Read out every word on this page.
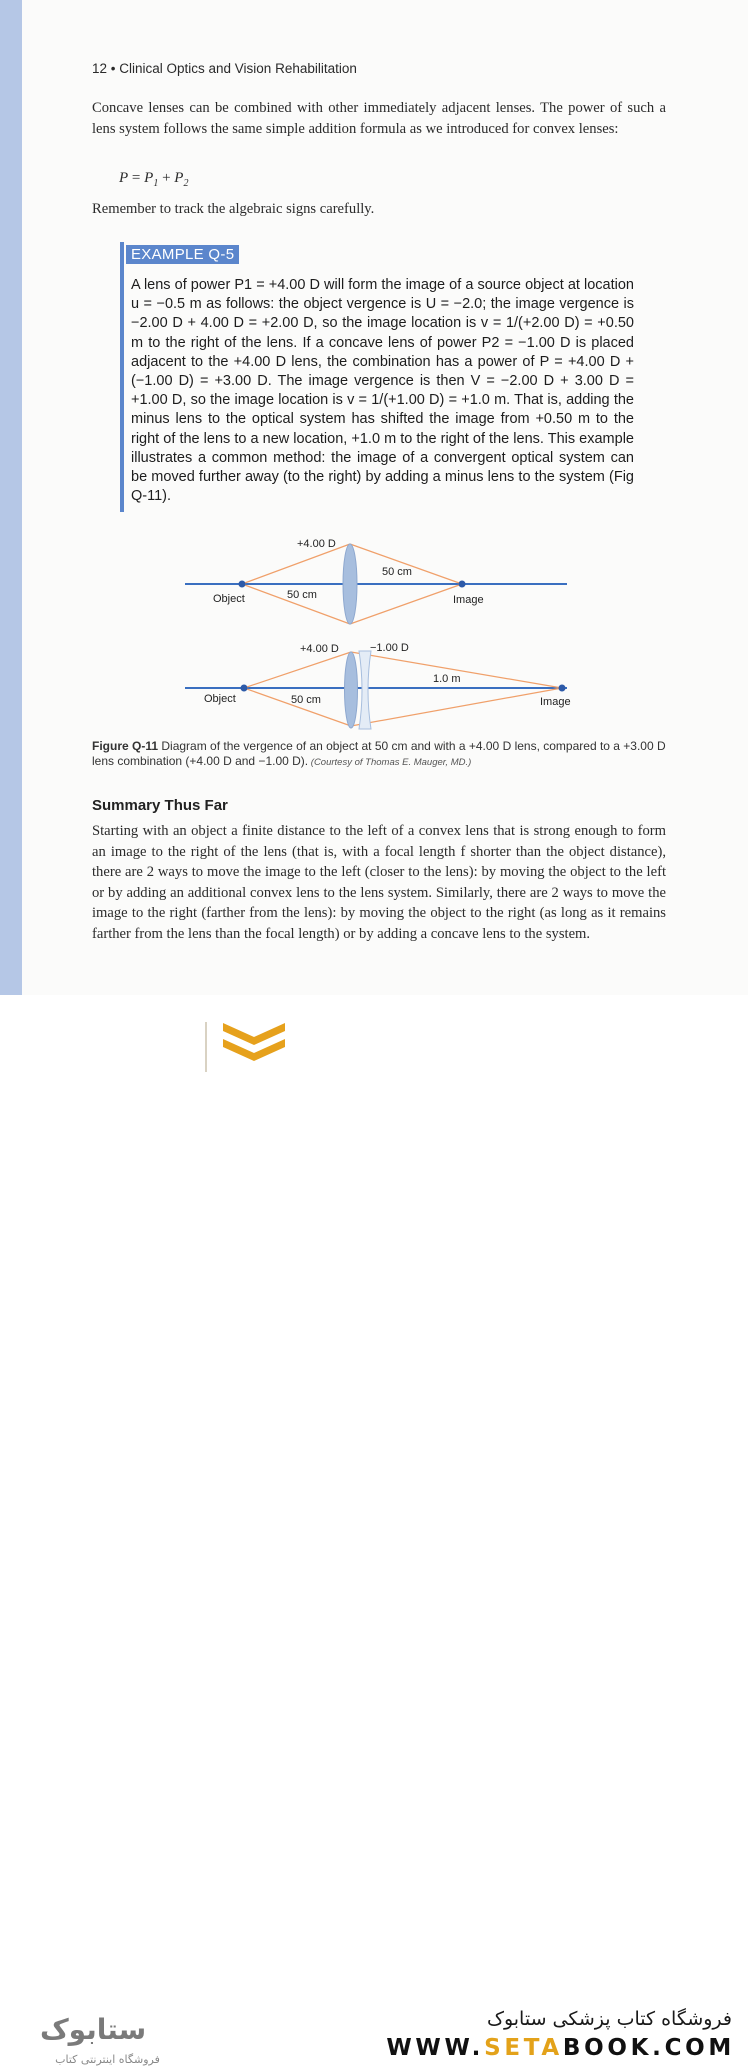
12 • Clinical Optics and Vision Rehabilitation
Concave lenses can be combined with other immediately adjacent lenses. The power of such a lens system follows the same simple addition formula as we introduced for convex lenses:
$P = P_1 + P_2$
Remember to track the algebraic signs carefully.
EXAMPLE Q-5
A lens of power P1 = +4.00 D will form the image of a source object at location u = −0.5 m as follows: the object vergence is U = −2.0; the image vergence is −2.00 D + 4.00 D = +2.00 D, so the image location is v = 1/(+2.00 D) = +0.50 m to the right of the lens. If a concave lens of power P2 = −1.00 D is placed adjacent to the +4.00 D lens, the combination has a power of P = +4.00 D + (−1.00 D) = +3.00 D. The image vergence is then V = −2.00 D + 3.00 D = +1.00 D, so the image location is v = 1/(+1.00 D) = +1.0 m. That is, adding the minus lens to the optical system has shifted the image from +0.50 m to the right of the lens to a new location, +1.0 m to the right of the lens. This example illustrates a common method: the image of a convergent optical system can be moved further away (to the right) by adding a minus lens to the system (Fig Q-11).
+4.00 D
50 cm
50 cm
Object	Image
+4.00 D	−1.00 D
1.0 m
50 cm
Object	Image
Figure Q-11 Diagram of the vergence of an object at 50 cm and with a +4.00 D lens, compared to a +3.00 D lens combination (+4.00 D and −1.00 D). (Courtesy of Thomas E. Mauger, MD.)
Summary Thus Far
Starting with an object a finite distance to the left of a convex lens that is strong enough to form an image to the right of the lens (that is, with a focal length f shorter than the object distance), there are 2 ways to move the image to the left (closer to the lens): by moving the object to the left or by adding an additional convex lens to the lens system. Similarly, there are 2 ways to move the image to the right (farther from the lens): by moving the object to the right (as long as it remains farther from the lens than the focal length) or by adding a concave lens to the system.
ستابوک
فروشگاه اینترنتی کتاب
فروشگاه کتاب پزشکی ستابوک
WWW.SETABOOK.COM
